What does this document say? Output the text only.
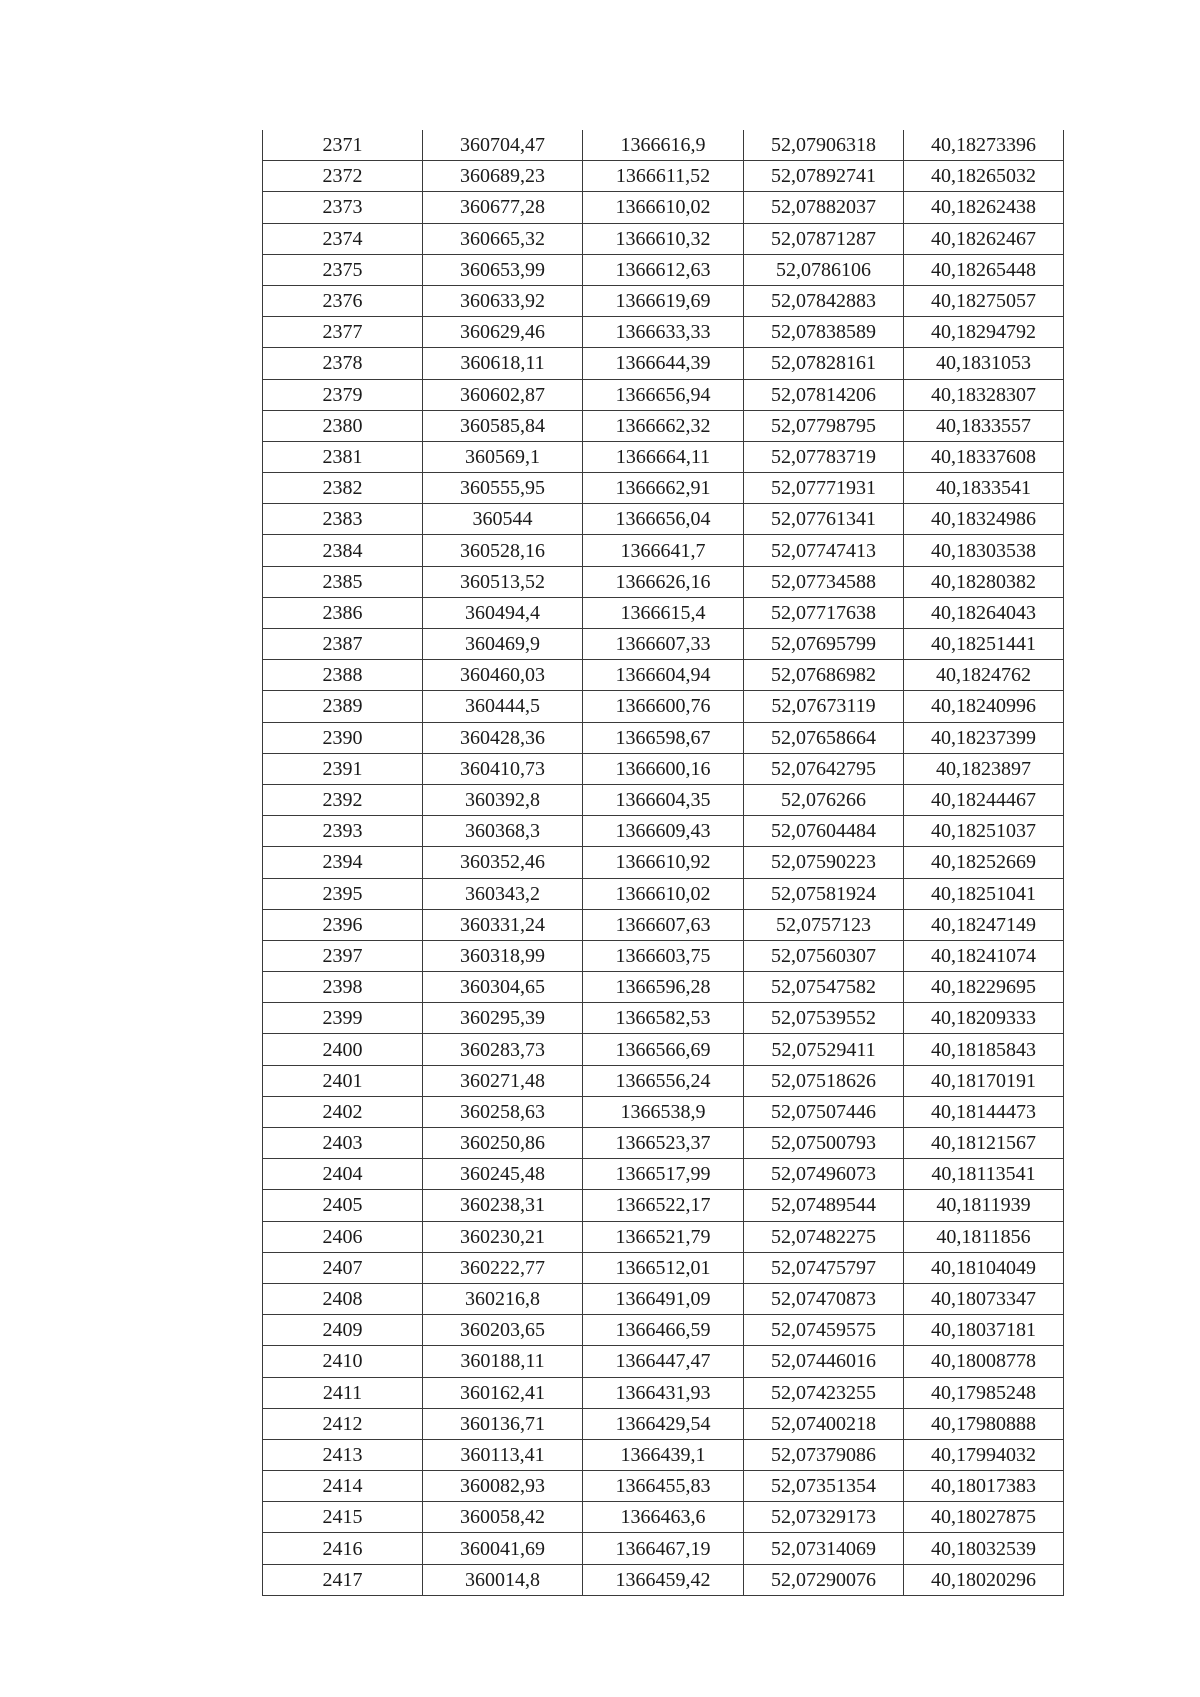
2371	360704,47	1366616,9	52,07906318	40,18273396
2372	360689,23	1366611,52	52,07892741	40,18265032
2373	360677,28	1366610,02	52,07882037	40,18262438
2374	360665,32	1366610,32	52,07871287	40,18262467
2375	360653,99	1366612,63	52,0786106	40,18265448
2376	360633,92	1366619,69	52,07842883	40,18275057
2377	360629,46	1366633,33	52,07838589	40,18294792
2378	360618,11	1366644,39	52,07828161	40,1831053
2379	360602,87	1366656,94	52,07814206	40,18328307
2380	360585,84	1366662,32	52,07798795	40,1833557
2381	360569,1	1366664,11	52,07783719	40,18337608
2382	360555,95	1366662,91	52,07771931	40,1833541
2383	360544	1366656,04	52,07761341	40,18324986
2384	360528,16	1366641,7	52,07747413	40,18303538
2385	360513,52	1366626,16	52,07734588	40,18280382
2386	360494,4	1366615,4	52,07717638	40,18264043
2387	360469,9	1366607,33	52,07695799	40,18251441
2388	360460,03	1366604,94	52,07686982	40,1824762
2389	360444,5	1366600,76	52,07673119	40,18240996
2390	360428,36	1366598,67	52,07658664	40,18237399
2391	360410,73	1366600,16	52,07642795	40,1823897
2392	360392,8	1366604,35	52,076266	40,18244467
2393	360368,3	1366609,43	52,07604484	40,18251037
2394	360352,46	1366610,92	52,07590223	40,18252669
2395	360343,2	1366610,02	52,07581924	40,18251041
2396	360331,24	1366607,63	52,0757123	40,18247149
2397	360318,99	1366603,75	52,07560307	40,18241074
2398	360304,65	1366596,28	52,07547582	40,18229695
2399	360295,39	1366582,53	52,07539552	40,18209333
2400	360283,73	1366566,69	52,07529411	40,18185843
2401	360271,48	1366556,24	52,07518626	40,18170191
2402	360258,63	1366538,9	52,07507446	40,18144473
2403	360250,86	1366523,37	52,07500793	40,18121567
2404	360245,48	1366517,99	52,07496073	40,18113541
2405	360238,31	1366522,17	52,07489544	40,1811939
2406	360230,21	1366521,79	52,07482275	40,1811856
2407	360222,77	1366512,01	52,07475797	40,18104049
2408	360216,8	1366491,09	52,07470873	40,18073347
2409	360203,65	1366466,59	52,07459575	40,18037181
2410	360188,11	1366447,47	52,07446016	40,18008778
2411	360162,41	1366431,93	52,07423255	40,17985248
2412	360136,71	1366429,54	52,07400218	40,17980888
2413	360113,41	1366439,1	52,07379086	40,17994032
2414	360082,93	1366455,83	52,07351354	40,18017383
2415	360058,42	1366463,6	52,07329173	40,18027875
2416	360041,69	1366467,19	52,07314069	40,18032539
2417	360014,8	1366459,42	52,07290076	40,18020296
